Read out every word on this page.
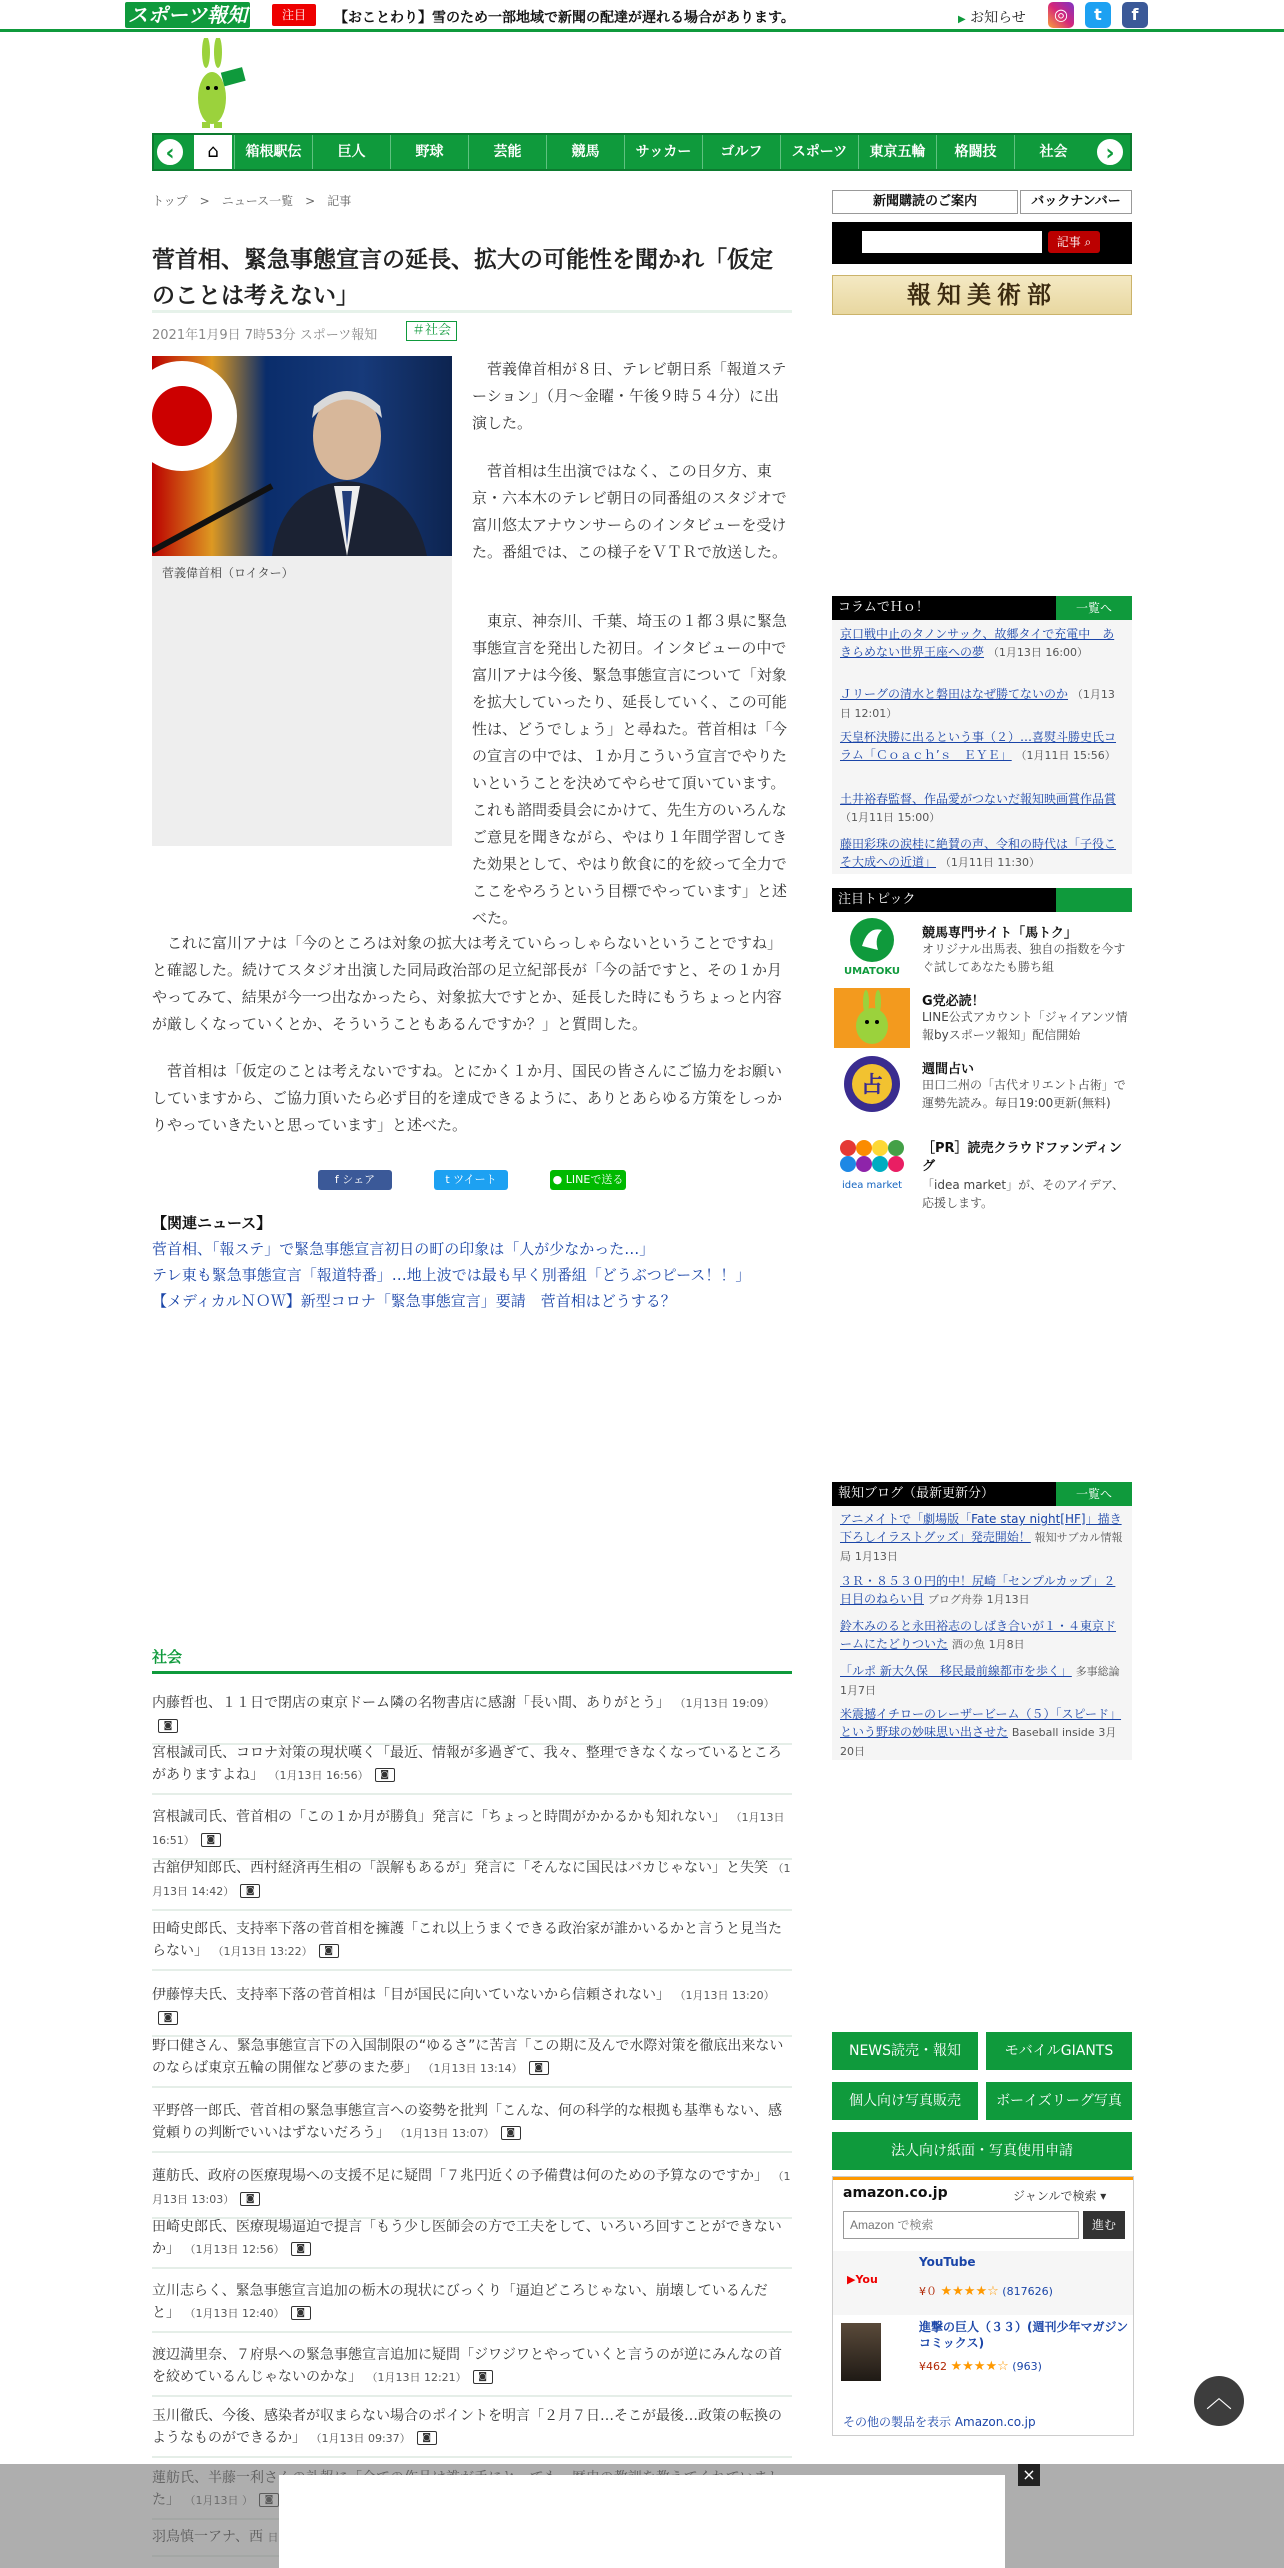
スポーツ報知	注目	【おことわり】雪のため一部地域で新聞の配達が遅れる場合があります。	▶ お知らせ	◎	t	f
‹	⌂	箱根駅伝	巨人	野球	芸能	競馬	サッカー	ゴルフ	スポーツ	東京五輪	格闘技	社会	›
トップ　 >　 ニュース一覧　 >　 記事
菅首相、緊急事態宣言の延長、拡大の可能性を聞かれ「仮定のことは考えない」
2021年1月9日 7時53分 スポーツ報知	＃社会
菅義偉首相（ロイター）

菅義偉首相が８日、テレビ朝日系「報道ステーション」（月～金曜・午後９時５４分）に出演した。

菅首相は生出演ではなく、この日夕方、東京・六本木のテレビ朝日の同番組のスタジオで富川悠太アナウンサーらのインタビューを受けた。番組では、この様子をＶＴＲで放送した。

東京、神奈川、千葉、埼玉の１都３県に緊急事態宣言を発出した初日。インタビューの中で富川アナは今後、緊急事態宣言について「対象を拡大していったり、延長していく、この可能性は、どうでしょう」と尋ねた。菅首相は「今の宣言の中では、１か月こういう宣言でやりたいということを決めてやらせて頂いています。これも諮問委員会にかけて、先生方のいろんなご意見を聞きながら、やはり１年間学習してきた効果として、やはり飲食に的を絞って全力でここをやろうという目標でやっています」と述べた。

これに富川アナは「今のところは対象の拡大は考えていらっしゃらないということですね」と確認した。続けてスタジオ出演した同局政治部の足立紀部長が「今の話ですと、その１か月やってみて、結果が今一つ出なかったら、対象拡大ですとか、延長した時にもうちょっと内容が厳しくなっていくとか、そういうこともあるんですか？」と質問した。

菅首相は「仮定のことは考えないですね。とにかく１か月、国民の皆さんにご協力をお願いしていますから、ご協力頂いたら必ず目的を達成できるように、ありとあらゆる方策をしっかりやっていきたいと思っています」と述べた。

f シェア	t ツイート	● LINEで送る
【関連ニュース】
菅首相、「報ステ」で緊急事態宣言初日の町の印象は「人が少なかった…」
テレ東も緊急事態宣言「報道特番」…地上波では最も早く別番組「どうぶつピース！！」
【メディカルＮＯＷ】新型コロナ「緊急事態宣言」要請　菅首相はどうする？
社会
内藤哲也、１１日で閉店の東京ドーム隣の名物書店に感謝「長い間、ありがとう」 （1月13日 19:09）◙
宮根誠司氏、コロナ対策の現状嘆く「最近、情報が多過ぎて、我々、整理できなくなっているところがありますよね」 （1月13日 16:56） ◙
宮根誠司氏、菅首相の「この１か月が勝負」発言に「ちょっと時間がかかるかも知れない」 （1月13日 16:51） ◙
古舘伊知郎氏、西村経済再生相の「誤解もあるが」発言に「そんなに国民はバカじゃない」と失笑 （1月13日 14:42） ◙
田崎史郎氏、支持率下落の菅首相を擁護「これ以上うまくできる政治家が誰かいるかと言うと見当たらない」 （1月13日 13:22） ◙
伊藤惇夫氏、支持率下落の菅首相は「目が国民に向いていないから信頼されない」 （1月13日 13:20）◙
野口健さん、緊急事態宣言下の入国制限の“ゆるさ”に苦言「この期に及んで水際対策を徹底出来ないのならば東京五輪の開催など夢のまた夢」 （1月13日 13:14） ◙
平野啓一郎氏、菅首相の緊急事態宣言への姿勢を批判「こんな、何の科学的な根拠も基準もない、感覚頼りの判断でいいはずないだろう」 （1月13日 13:07） ◙
蓮舫氏、政府の医療現場への支援不足に疑問「７兆円近くの予備費は何のための予算なのですか」 （1月13日 13:03） ◙
田崎史郎氏、医療現場逼迫で提言「もう少し医師会の方で工夫をして、いろいろ回すことができないか」 （1月13日 12:56） ◙
立川志らく、緊急事態宣言追加の栃木の現状にびっくり「逼迫どころじゃない、崩壊しているんだと」 （1月13日 12:40） ◙
渡辺満里奈、７府県への緊急事態宣言追加に疑問「ジワジワとやっていくと言うのが逆にみんなの首を絞めているんじゃないのかな」 （1月13日 12:21） ◙
玉川徹氏、今後、感染者が収まらない場合のポイントを明言「２月７日…そこが最後…政策の転換のようなものができるか」 （1月13日 09:37） ◙
新聞購読のご案内	バックナンバー
記事 ⌕
報知美術部
コラムでＨｏ！	一覧へ
京口戦中止のタノンサック、故郷タイで充電中　あきらめない世界王座への夢 （1月13日 16:00）
Ｊリーグの清水と磐田はなぜ勝てないのか （1月13日 12:01）
天皇杯決勝に出るという事（２）…喜熨斗勝史氏コラム「Ｃｏａｃｈ’ｓ　ＥＹＥ」 （1月11日 15:56）
土井裕春監督、作品愛がつないだ報知映画賞作品賞 （1月11日 15:00）
藤田彩珠の涙桂に絶賛の声、令和の時代は「子役こそ大成への近道」 （1月11日 11:30）
注目トピック
UMATOKU
競馬専門サイト「馬トク」
オリジナル出馬表、独自の指数を今すぐ試してあなたも勝ち組
G党必読！
LINE公式アカウント「ジャイアンツ情報byスポーツ報知」配信開始
占
週間占い
田口二州の「古代オリエント占術」で運勢先読み。毎日19:00更新(無料)
idea market
［PR］読売クラウドファンディング
「idea market」が、そのアイデア、応援します。
報知ブログ（最新更新分）	一覧へ
アニメイトで「劇場版「Fate stay night[HF]」描き下ろしイラストグッズ」発売開始！ 報知サブカル情報局 1月13日
３Ｒ・８５３０円的中！尻崎「センプルカップ」２日目のねらい目 ブログ舟券 1月13日
鈴木みのると永田裕志のしばき合いが１・４東京ドームにたどりついた 酒の魚 1月8日
「ルポ 新大久保　移民最前線都市を歩く」 多事総論 1月7日
米震撼イチローのレーザービーム（５）「スピード」という野球の妙味思い出させた Baseball inside 3月20日
NEWS読売・報知	モバイルGIANTS
個人向け写真販売	ボーイズリーグ写真
法人向け紙面・写真使用申請
amazon.co.jp	ジャンルで検索 ▾
Amazon で検索
進む
▶You
YouTube
¥０ ★★★★☆ (817626)
進撃の巨人（３３）(週刊少年マガジンコミックス)
¥462 ★★★★☆ (963)
その他の製品を表示 Amazon.co.jp
︿
×
